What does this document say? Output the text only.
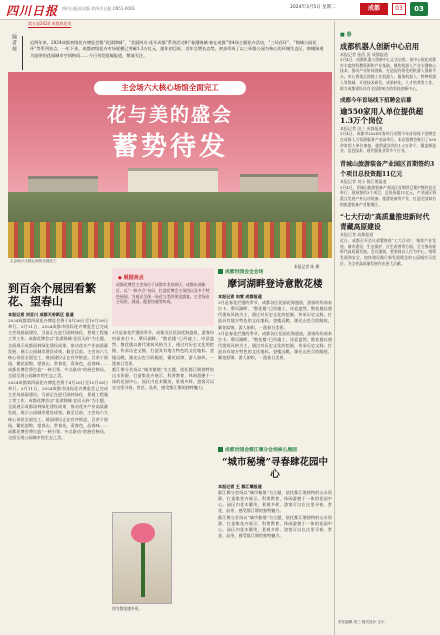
四川日报 四川日报社出版 ©四川日报 CN51-0001	2024年3月5日 星期二	成都	03	03
第五届2024 成都春花市
编者按	近两年来，2024成都初级花卉博览会暨“花漾锦城”，“美丽四川·花开成都”系列活动和“春漫锦城·春在成都”等4场主题花卉活动，“三环花环”、“锦城公园花环”等系列亮点，一年下来，成都初级花卉市场规模已突破1.3万亿元，超年初目标，近年呈增长态势，初步形成了以三环路公园为核心的环城生态区、锦城绿道为纽带的花园城市空间格局……今日刊发组稿报道，敬请关注。
主会场六大核心场馆全面完工
花与美的盛会
蓄势待发
主会场六大核心场馆全面完工
本报记者 陈 摄
到百余个展园看繁花、望春山
本报记者 刘亚川 成都天府新区 报道
2024成都第四届花卉博览会将于4月26日至10月26日举行。3月11日，2024成都市国际花卉博览会已完成主会场基础建设，当前正在进行园林绿化、景观工程施工等工作。成都花博会以“花漾锦城·宜居天府”为主题，全面展示成都园林绿化建设成果，推动花卉产业高质量发展，展示公园城市建设成效。截至目前，主会场六大核心场馆全面完工，展园建设正在有序推进。百余个展园，繁花似锦，望春山，赏春花，看春色，品春味……成都花博会将打造“一核引领、多点联动”的展会格局，全面呈现公园城市的生态之美。
2024成都第四届花卉博览会将于4月26日至10月26日举行。3月11日，2024成都市国际花卉博览会已完成主会场基础建设，当前正在进行园林绿化、景观工程施工等工作。成都花博会以“花漾锦城·宜居天府”为主题，全面展示成都园林绿化建设成果，推动花卉产业高质量发展，展示公园城市建设成效。截至目前，主会场六大核心场馆全面完工，展园建设正在有序推进。百余个展园，繁花似锦，望春山，赏春花，看春色，品春味……成都花博会将打造“一核引领、多点联动”的展会格局，全面呈现公园城市的生态之美。
◆ 展园亮点
成都花博会主会场位于成都市龙泉驿区、成都东部新区，以“一核多点”布局，打造花博会主场馆以及多个特色展园，为观众呈现一场花与美的视觉盛宴。主会场由主场馆、展园、配套设施等构成。
3月是春花烂漫的季节。成都各区花园花海盛放，游客纷纷前来打卡。摩诃湖畔，“散花楼”已经竣工，诗意盎然。散花楼以唐代建筑风格为主，通过对历史文化的挖掘，传承历史文脉，打造具有地方特色的文化地标。登楼远眺，湖光山色尽收眼底，繁花似锦，游人如织，一派春日美景。
都江堰分会场以“城市秘境”为主题，依托都江堰独特的山水资源，打造集花卉展示、科普教育、休闲游憩于一体的花园中心。园区内花木繁茂，景观多样，游客可以在这里寻春、赏花、品茶，感受都江堰的独特魅力。
成都世园会全会场
摩诃湖畔登诗意散花楼
本报记者 向雪 成都报道
3月是春花烂漫的季节。成都各区花园花海盛放，游客纷纷前来打卡。摩诃湖畔，“散花楼”已经竣工，诗意盎然。散花楼以唐代建筑风格为主，通过对历史文化的挖掘，传承历史文脉，打造具有地方特色的文化地标。登楼远眺，湖光山色尽收眼底，繁花似锦，游人如织，一派春日美景。
3月是春花烂漫的季节。成都各区花园花海盛放，游客纷纷前来打卡。摩诃湖畔，“散花楼”已经竣工，诗意盎然。散花楼以唐代建筑风格为主，通过对历史文化的挖掘，传承历史文脉，打造具有地方特色的文化地标。登楼远眺，湖光山色尽收眼底，繁花似锦，游人如织，一派春日美景。
成都世园会都江堰分会场核心展园
“城市秘境”寻春肆花园中心
本报记者 王 都江堰报道
都江堰分会场以“城市秘境”为主题，依托都江堰独特的山水资源，打造集花卉展示、科普教育、休闲游憩于一体的花园中心。园区内花木繁茂，景观多样，游客可以在这里寻春、赏花、品茶，感受都江堰的独特魅力。
都江堰分会场以“城市秘境”为主题，依托都江堰独特的山水资源，打造集花卉展示、科普教育、休闲游憩于一体的花园中心。园区内花木繁茂，景观多样，游客可以在这里寻春、赏花、品茶，感受都江堰的独特魅力。
图为散花楼外景。
■ 春
成都机器人创新中心启用
本报记者 张西 田 成都报道
3月4日，成都机器人创新中心正式启用。该中心依托成都市丰富的科教资源和产业基础，聚焦机器人产业关键核心技术，推动产业协同创新，打造国内领先的机器人创新平台。中心将重点围绕工业机器人、服务机器人、特种机器人等领域，开展技术研发、成果转化、人才培养等工作，助力成都建设具有全国影响力的科技创新中心。
成都今年首场线下招聘会启幕
逾550家用人单位提供超1.3万个岗位
本报记者 田三 成都报道
3月4日，成都市2024年春风行动暨今年首场线下招聘会在成都人力资源服务产业园举行。本次招聘会吸引了550余家用人单位参加，提供就业岗位1.3万余个，涵盖制造业、信息技术、现代服务业等多个行业。
青城山旅游装备产业园区首期签约3个项目总投资超11亿元
本报记者 刘小 都江堰报道
3月4日，青城山旅游装备产业园区首期项目集中签约仪式举行，现场签约3个项目，总投资超11亿元。产业园区将重点发展户外运动装备、旅游装备等产业，打造全国知名的旅游装备产业集聚区。
“七大行动”高质量推进新时代青藏高原建设
本报记者 成都报道
近日，成都召开会议部署推进“七大行动”，聚焦产业发展、城市建设、生态保护、民生改善等方面，全力推动新时代高质量发展。会议强调，要坚持以人民为中心，统筹发展和安全，加快建设践行新发展理念的公园城市示范区，为全省高质量发展作出更大贡献。
责任编辑 刘三 版式设计 文小
